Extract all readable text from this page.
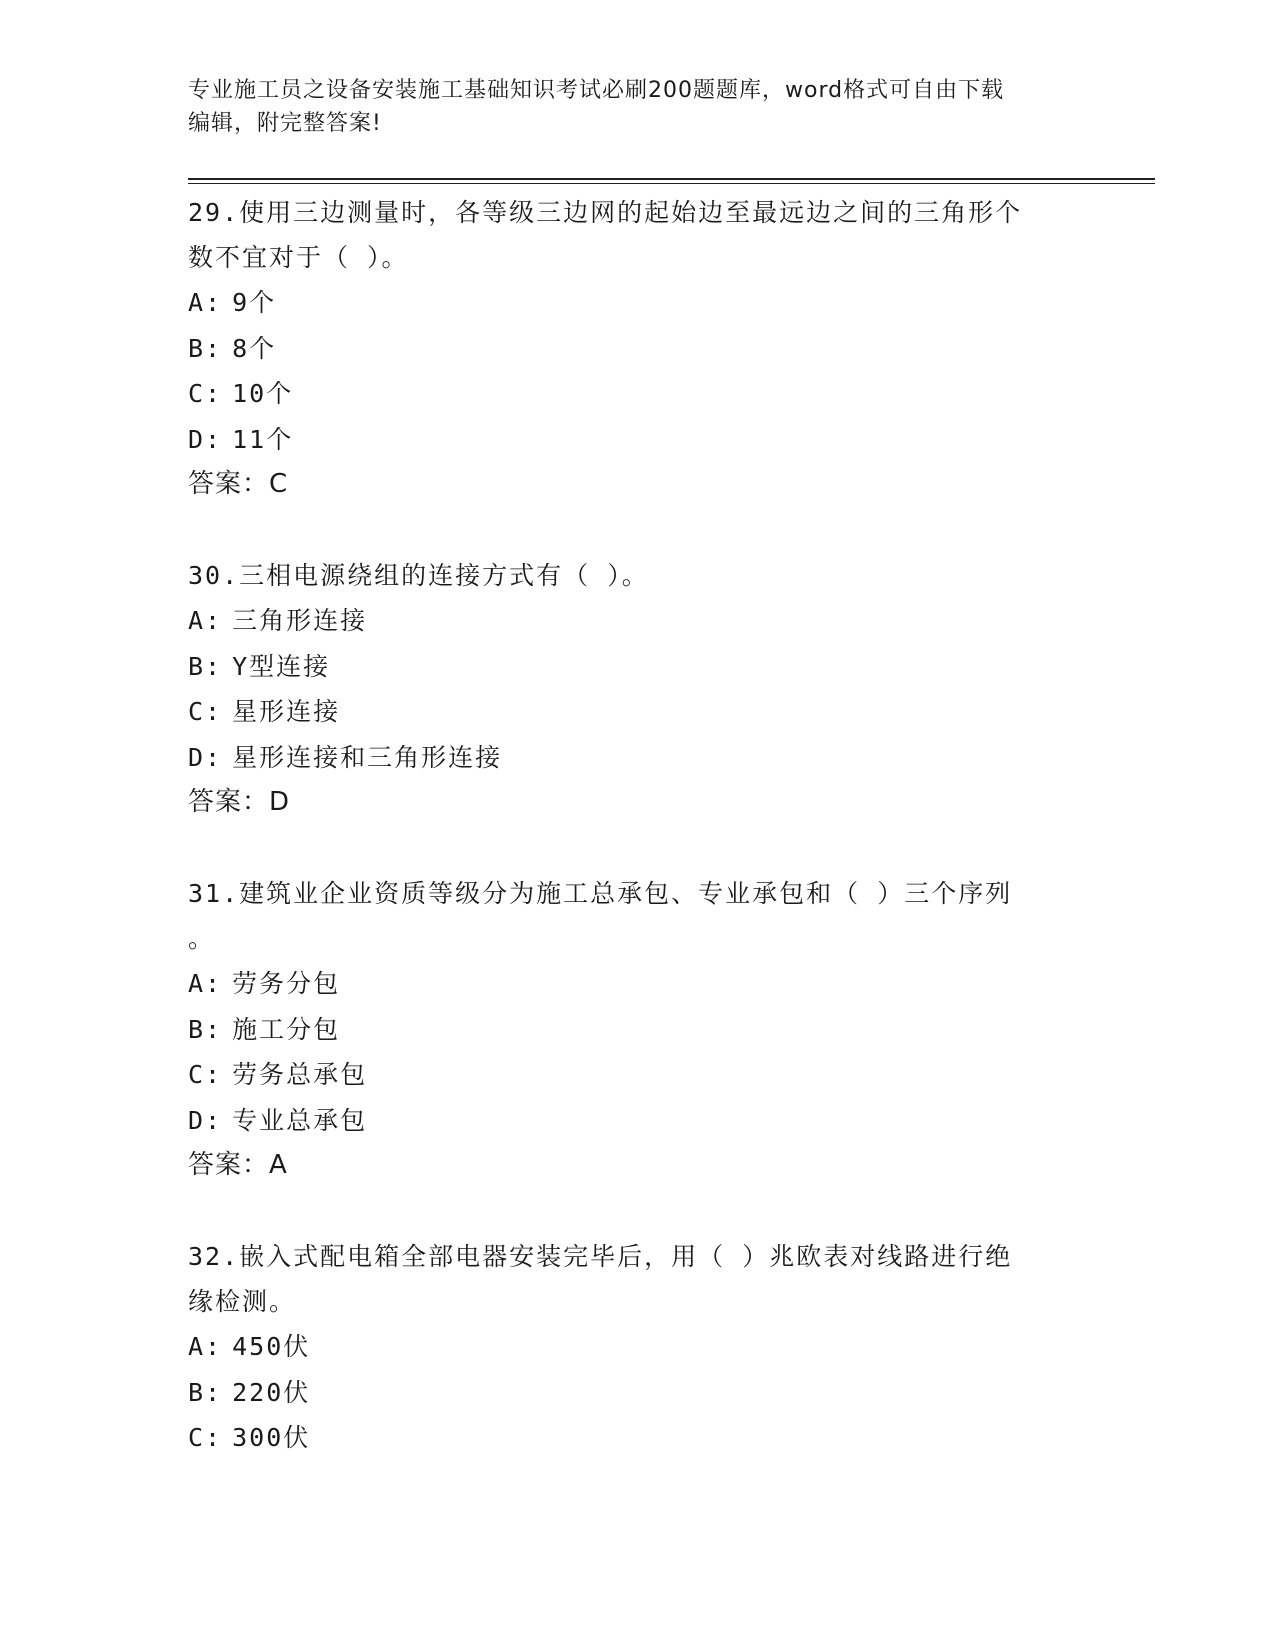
专业施工员之设备安装施工基础知识考试必刷200题题库，word格式可自由下载
编辑，附完整答案!
29.使用三边测量时，各等级三边网的起始边至最远边之间的三角形个
数不宜对于（ ）。
A: 9个
B: 8个
C: 10个
D: 11个
答案：C
30.三相电源绕组的连接方式有（ ）。
A: 三角形连接
B: Y型连接
C: 星形连接
D: 星形连接和三角形连接
答案：D
31.建筑业企业资质等级分为施工总承包、专业承包和（ ）三个序列
。
A: 劳务分包
B: 施工分包
C: 劳务总承包
D: 专业总承包
答案：A
32.嵌入式配电箱全部电器安装完毕后，用（ ）兆欧表对线路进行绝
缘检测。
A: 450伏
B: 220伏
C: 300伏
